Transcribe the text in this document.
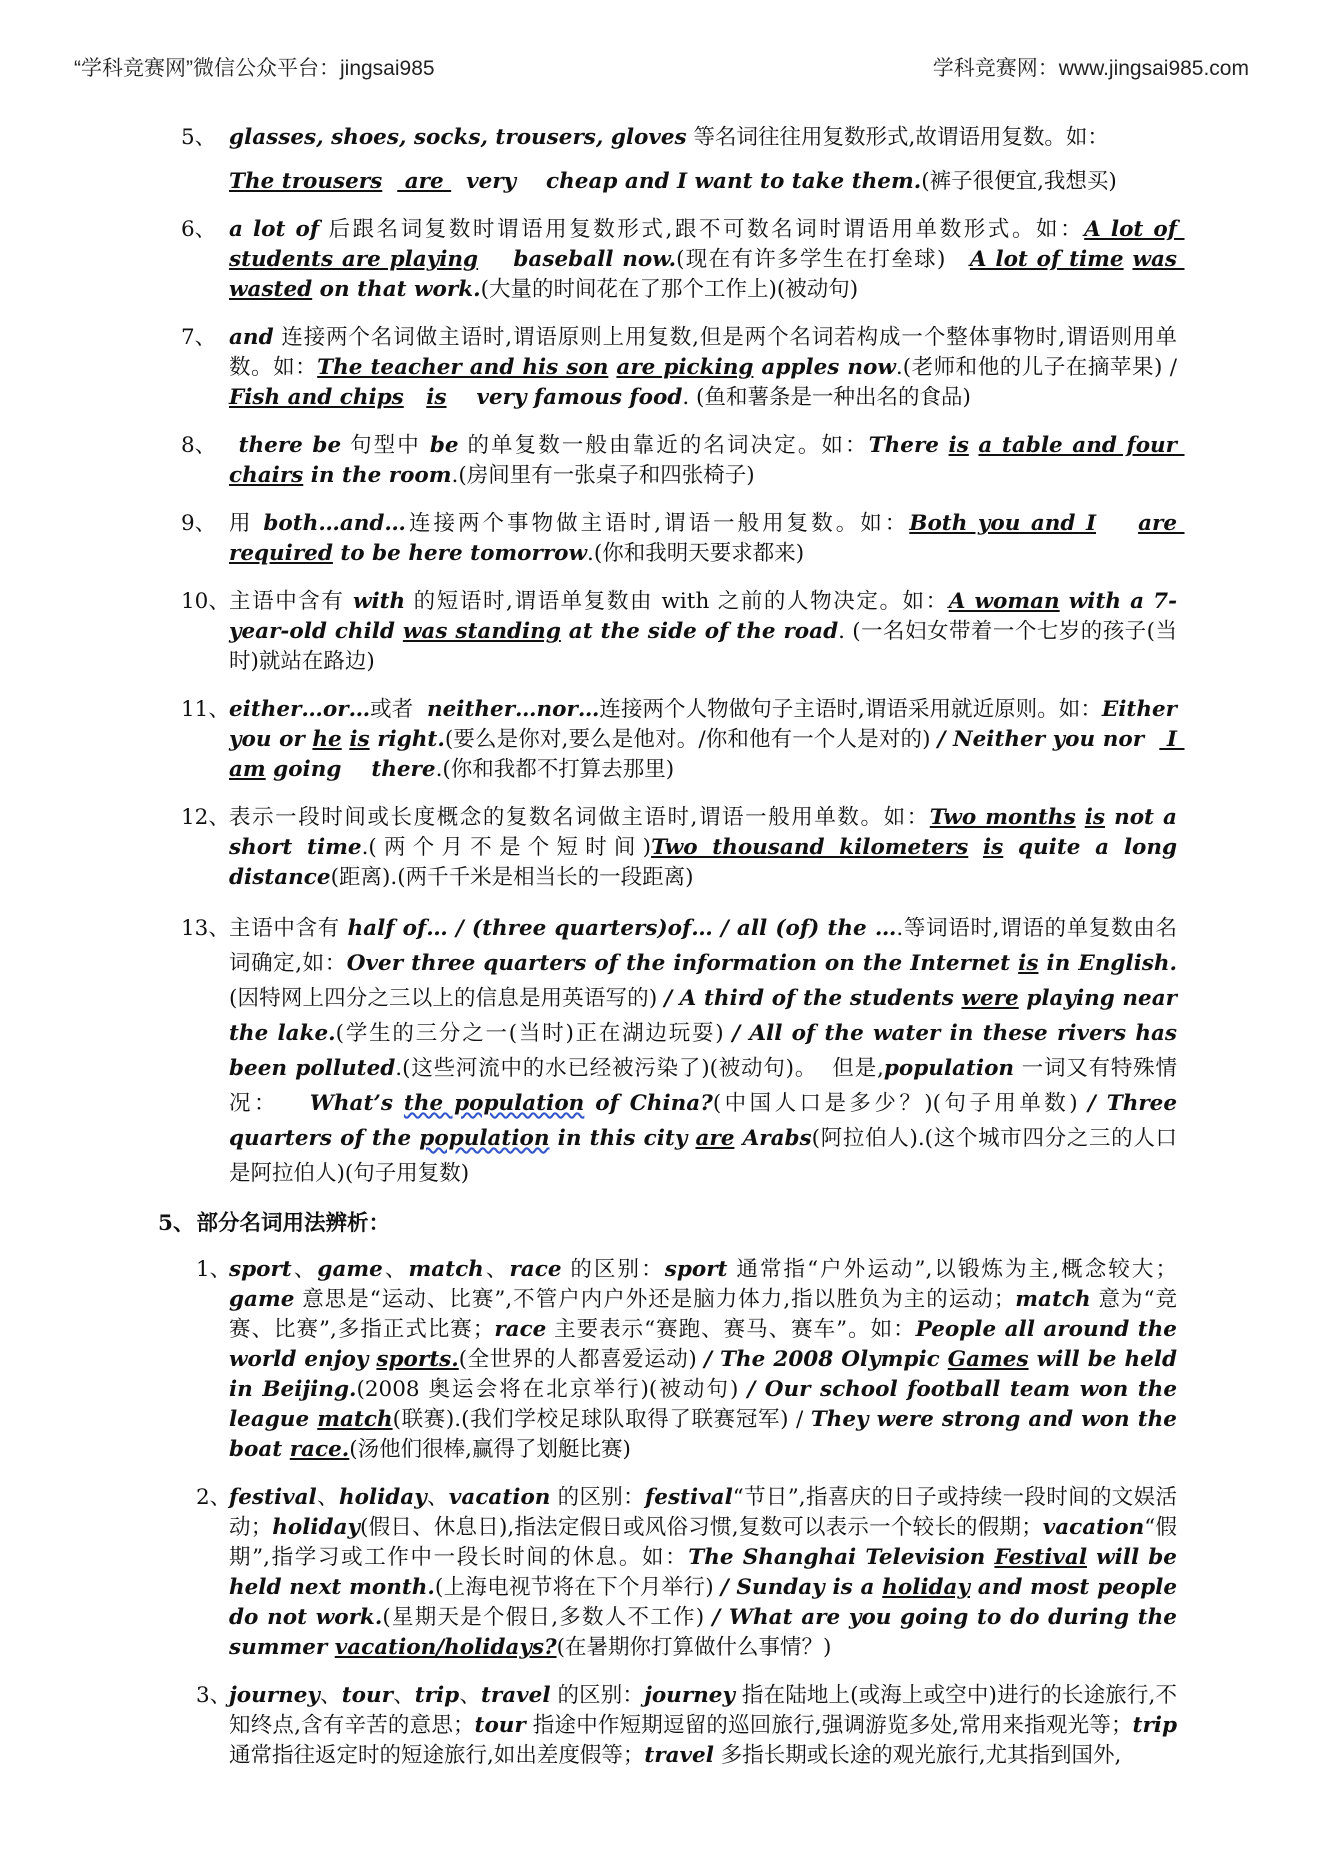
“学科竞赛网”微信公众平台：jingsai985	学科竞赛网：www.jingsai985.com
5、 glasses, shoes, socks, trousers, gloves 等名词往往用复数形式,故谓语用复数。如：
The trousers   are   very    cheap and I want to take them.(裤子很便宜,我想买)
6、 a lot of 后跟名词复数时谓语用复数形式,跟不可数名词时谓语用单数形式。如：A lot of students are playing    baseball now.(现在有许多学生在打垒球)   A lot of time was wasted on that work.(大量的时间花在了那个工作上)(被动句)
7、 and 连接两个名词做主语时,谓语原则上用复数,但是两个名词若构成一个整体事物时,谓语则用单数。如：The teacher and his son are picking apples now.(老师和他的儿子在摘苹果) / Fish and chips is    very famous food. (鱼和薯条是一种出名的食品)
8、 there be 句型中 be 的单复数一般由靠近的名词决定。如：There is a table and four chairs in the room.(房间里有一张桌子和四张椅子)
9、 用 both…and…连接两个事物做主语时,谓语一般用复数。如：Both you and I are required to be here tomorrow.(你和我明天要求都来)
10、 主语中含有 with 的短语时,谓语单复数由 with 之前的人物决定。如：A woman with a 7-year-old child was standing at the side of the road. (一名妇女带着一个七岁的孩子(当时)就站在路边)
11、 either…or…或者  neither…nor…连接两个人物做句子主语时,谓语采用就近原则。如：Either you or he is right.(要么是你对,要么是他对。/你和他有一个人是对的) / Neither you nor   I    am going    there.(你和我都不打算去那里)
12、 表示一段时间或长度概念的复数名词做主语时,谓语一般用单数。如：Two months is not a short time.(两个月不是个短时间)Two thousand kilometers is quite a long distance(距离).(两千千米是相当长的一段距离)
13、 主语中含有 half of… / (three quarters)of… / all (of) the ….等词语时,谓语的单复数由名词确定,如：Over three quarters of the information on the Internet is in English.(因特网上四分之三以上的信息是用英语写的) / A third of the students were playing near the lake.(学生的三分之一(当时)正在湖边玩耍) / All of the water in these rivers has been polluted.(这些河流中的水已经被污染了)(被动句)。  但是,population 一词又有特殊情况：   What’s the population of China?(中国人口是多少？)(句子用单数) / Three quarters of the population in this city are Arabs(阿拉伯人).(这个城市四分之三的人口是阿拉伯人)(句子用复数)
5、部分名词用法辨析：
1、
sport、game、match、race 的区别：sport 通常指“户外运动”,以锻炼为主,概念较大；game 意思是“运动、比赛”,不管户内户外还是脑力体力,指以胜负为主的运动；match 意为“竞赛、比赛”,多指正式比赛；race 主要表示“赛跑、赛马、赛车”。如：People all around the world enjoy sports.(全世界的人都喜爱运动) / The 2008 Olympic Games will be held in Beijing.(2008 奥运会将在北京举行)(被动句) / Our school football team won the league match(联赛).(我们学校足球队取得了联赛冠军) / They were strong and won the boat race.(汤他们很棒,赢得了划艇比赛)
2、
festival、holiday、vacation 的区别：festival“节日”,指喜庆的日子或持续一段时间的文娱活动；holiday(假日、休息日),指法定假日或风俗习惯,复数可以表示一个较长的假期；vacation“假期”,指学习或工作中一段长时间的休息。如：The Shanghai Television Festival will be held next month.(上海电视节将在下个月举行) / Sunday is a holiday and most people do not work.(星期天是个假日,多数人不工作) / What are you going to do during the summer vacation/holidays?(在暑期你打算做什么事情？)
3、
journey、tour、trip、travel 的区别：journey 指在陆地上(或海上或空中)进行的长途旅行,不知终点,含有辛苦的意思；tour 指途中作短期逗留的巡回旅行,强调游览多处,常用来指观光等；trip 通常指往返定时的短途旅行,如出差度假等；travel 多指长期或长途的观光旅行,尤其指到国外,
